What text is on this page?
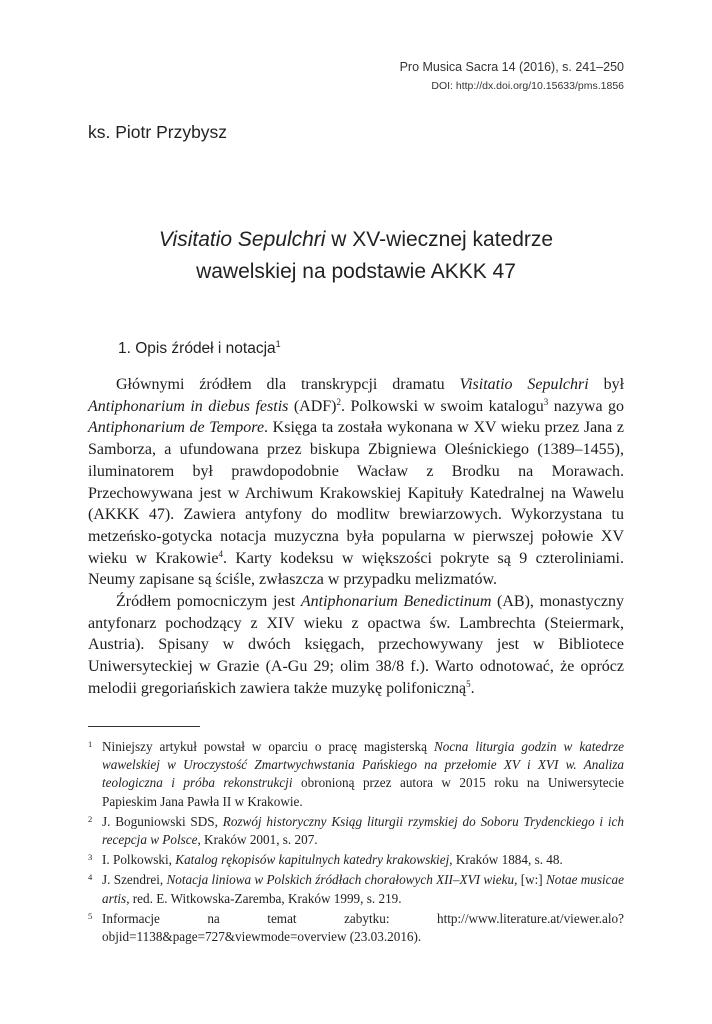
Pro Musica Sacra 14 (2016), s. 241–250
DOI: http://dx.doi.org/10.15633/pms.1856
ks. Piotr Przybysz
Visitatio Sepulchri w XV-wiecznej katedrze
wawelskiej na podstawie AKKK 47
1. Opis źródeł i notacja$^1$

Głównymi źródłem dla transkrypcji dramatu Visitatio Sepulchri był Antiphonarium in diebus festis (ADF)$^2$. Polkowski w swoim katalogu$^3$ nazywa go Antiphonarium de Tempore. Księga ta została wykonana w XV wieku przez Jana z Samborza, a ufundowana przez biskupa Zbigniewa Oleśnickiego (1389–1455), iluminatorem był prawdopodobnie Wacław z Brodku na Morawach. Przechowywana jest w Archiwum Krakowskiej Kapituły Katedralnej na Wawelu (AKKK 47). Zawiera antyfony do modlitw brewiarzowych. Wykorzystana tu metzeńsko-gotycka notacja muzyczna była popularna w pierwszej połowie XV wieku w Krakowie$^4$. Karty kodeksu w większości pokryte są 9 czteroliniami. Neumy zapisane są ściśle, zwłaszcza w przypadku melizmatów.

Źródłem pomocniczym jest Antiphonarium Benedictinum (AB), monastyczny antyfonarz pochodzący z XIV wieku z opactwa św. Lambrechta (Steiermark, Austria). Spisany w dwóch księgach, przechowywany jest w Bibliotece Uniwersyteckiej w Grazie (A-Gu 29; olim 38/8 f.). Warto odnotować, że oprócz melodii gregoriańskich zawiera także muzykę polifoniczną$^5$.

1 Niniejszy artykuł powstał w oparciu o pracę magisterską Nocna liturgia godzin w katedrze wawelskiej w Uroczystość Zmartwychwstania Pańskiego na przełomie XV i XVI w. Analiza teologiczna i próba rekonstrukcji obronioną przez autora w 2015 roku na Uniwersytecie Papieskim Jana Pawła II w Krakowie.
2 J. Boguniowski SDS, Rozwój historyczny Ksiąg liturgii rzymskiej do Soboru Trydenckiego i ich recepcja w Polsce, Kraków 2001, s. 207.
3 I. Polkowski, Katalog rękopisów kapitulnych katedry krakowskiej, Kraków 1884, s. 48.
4 J. Szendrei, Notacja liniowa w Polskich źródłach chorałowych XII–XVI wieku, [w:] Notae musicae artis, red. E. Witkowska-Zaremba, Kraków 1999, s. 219.
5 Informacje na temat zabytku: http://www.literature.at/viewer.alo?objid=1138&page=727&viewmode=overview (23.03.2016).
